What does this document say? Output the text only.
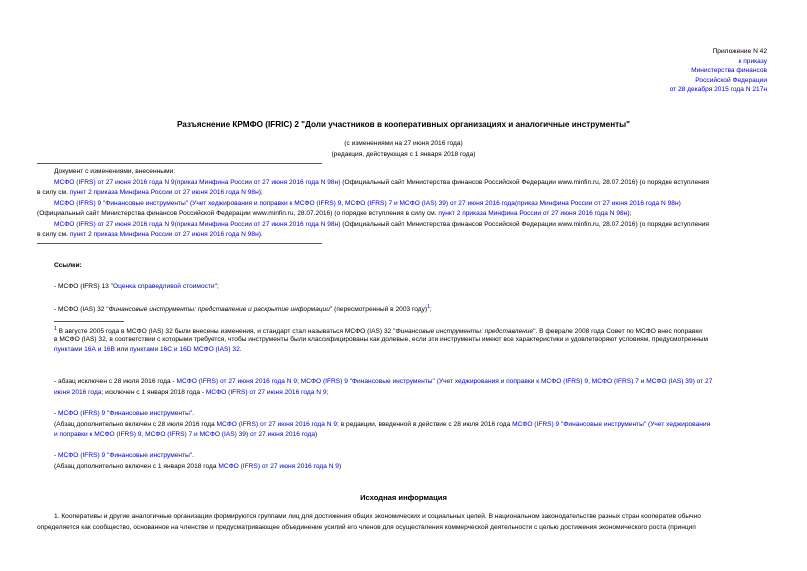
Приложение N 42
к приказу
Министерства финансов
Российской Федерации
от 28 декабря 2015 года N 217н
Разъяснение КРМФО (IFRIC) 2 "Доли участников в кооперативных организациях и аналогичные инструменты"
(с изменениями на 27 июня 2016 года)
(редакция, действующая с 1 января 2018 года)
Документ с изменениями, внесенными:
МСФО (IFRS) от 27 июня 2016 года N 9(приказ Минфина России от 27 июня 2016 года N 98н) (Официальный сайт Министерства финансов Российской Федерации www.minfin.ru, 28.07.2016) (о порядке вступления
в силу см. пункт 2 приказа Минфина России от 27 июня 2016 года N 98н);
МСФО (IFRS) 9 "Финансовые инструменты" (Учет хеджирования и поправки к МСФО (IFRS) 9, МСФО (IFRS) 7 и МСФО (IAS) 39) от 27 июня 2016 года(приказ Минфина России от 27 июня 2016 года N 98н)
(Официальный сайт Министерства финансов Российской Федерации www.minfin.ru, 28.07.2016) (о порядке вступления в силу см. пункт 2 приказа Минфина России от 27 июня 2016 года N 98н);
МСФО (IFRS) от 27 июня 2016 года N 9(приказ Минфина России от 27 июня 2016 года N 98н) (Официальный сайт Министерства финансов Российской Федерации www.minfin.ru, 28.07.2016) (о порядке вступления
в силу см. пункт 2 приказа Минфина России от 27 июня 2016 года N 98н).
Ссылки:
- МСФО (IFRS) 13 "Оценка справедливой стоимости";
- МСФО (IAS) 32 "Финансовые инструменты: представление и раскрытие информации" (пересмотренный в 2003 году)$^1$;
$^1$ В августе 2005 года в МСФО (IAS) 32 были внесены изменения, и стандарт стал называться МСФО (IAS) 32 "Финансовые инструменты: представление". В феврале 2008 года Совет по МСФО внес поправки
в МСФО (IAS) 32, в соответствии с которыми требуется, чтобы инструменты были классифицированы как долевые, если эти инструменты имеют все характеристики и удовлетворяют условиям, предусмотренным
пунктами 16А и 16В или пунктами 16С и 16D МСФО (IAS) 32.
- абзац исключен с 28 июля 2016 года - МСФО (IFRS) от 27 июня 2016 года N 9; МСФО (IFRS) 9 "Финансовые инструменты" (Учет хеджирования и поправки к МСФО (IFRS) 9, МСФО (IFRS) 7 и МСФО (IAS) 39) от 27
июня 2016 года; исключен с 1 января 2018 года - МСФО (IFRS) от 27 июня 2016 года N 9;
- МСФО (IFRS) 9 "Финансовые инструменты".
(Абзац дополнительно включен с 28 июля 2016 года МСФО (IFRS) от 27 июня 2016 года N 9; в редакции, введенной в действие с 28 июля 2016 года МСФО (IFRS) 9 "Финансовые инструменты" (Учет хеджирования
и поправки к МСФО (IFRS) 9, МСФО (IFRS) 7 и МСФО (IAS) 39) от 27 июня 2016 года)
- МСФО (IFRS) 9 "Финансовые инструменты".
(Абзац дополнительно включен с 1 января 2018 года МСФО (IFRS) от 27 июня 2016 года N 9)
Исходная информация
1. Кооперативы и другие аналогичные организации формируются группами лиц для достижения общих экономических и социальных целей. В национальном законодательстве разных стран кооператив обычно
определяется как сообщество, основанное на членстве и предусматривающее объединение усилий его членов для осуществления коммерческой деятельности с целью достижения экономического роста (принцип
